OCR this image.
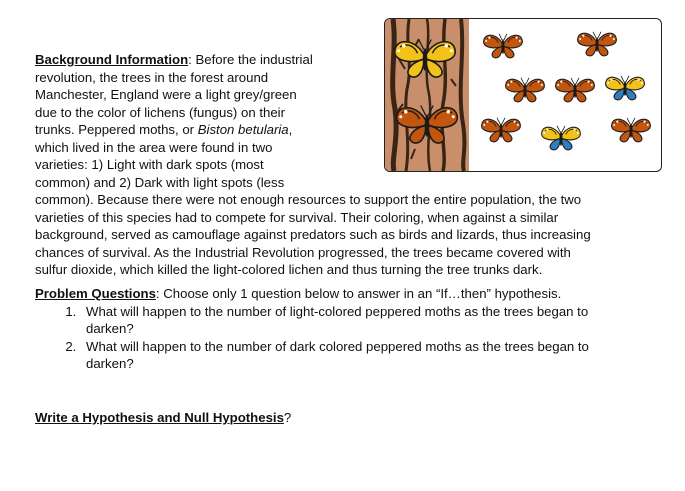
Background Information: Before the industrial revolution, the trees in the forest around Manchester, England were a light grey/green due to the color of lichens (fungus) on their trunks. Peppered moths, or Biston betularia, which lived in the area were found in two varieties: 1) Light with dark spots (most common) and 2) Dark with light spots (less common). Because there were not enough resources to support the entire population, the two varieties of this species had to compete for survival. Their coloring, when against a similar background, served as camouflage against predators such as birds and lizards, thus increasing chances of survival. As the Industrial Revolution progressed, the trees became covered with sulfur dioxide, which killed the light-colored lichen and thus turning the tree trunks dark.

Problem Questions: Choose only 1 question below to answer in an “If…then” hypothesis.

1. What will happen to the number of light-colored peppered moths as the trees began to darken?
2. What will happen to the number of dark colored peppered moths as the trees began to darken?

Write a Hypothesis and Null Hypothesis?
